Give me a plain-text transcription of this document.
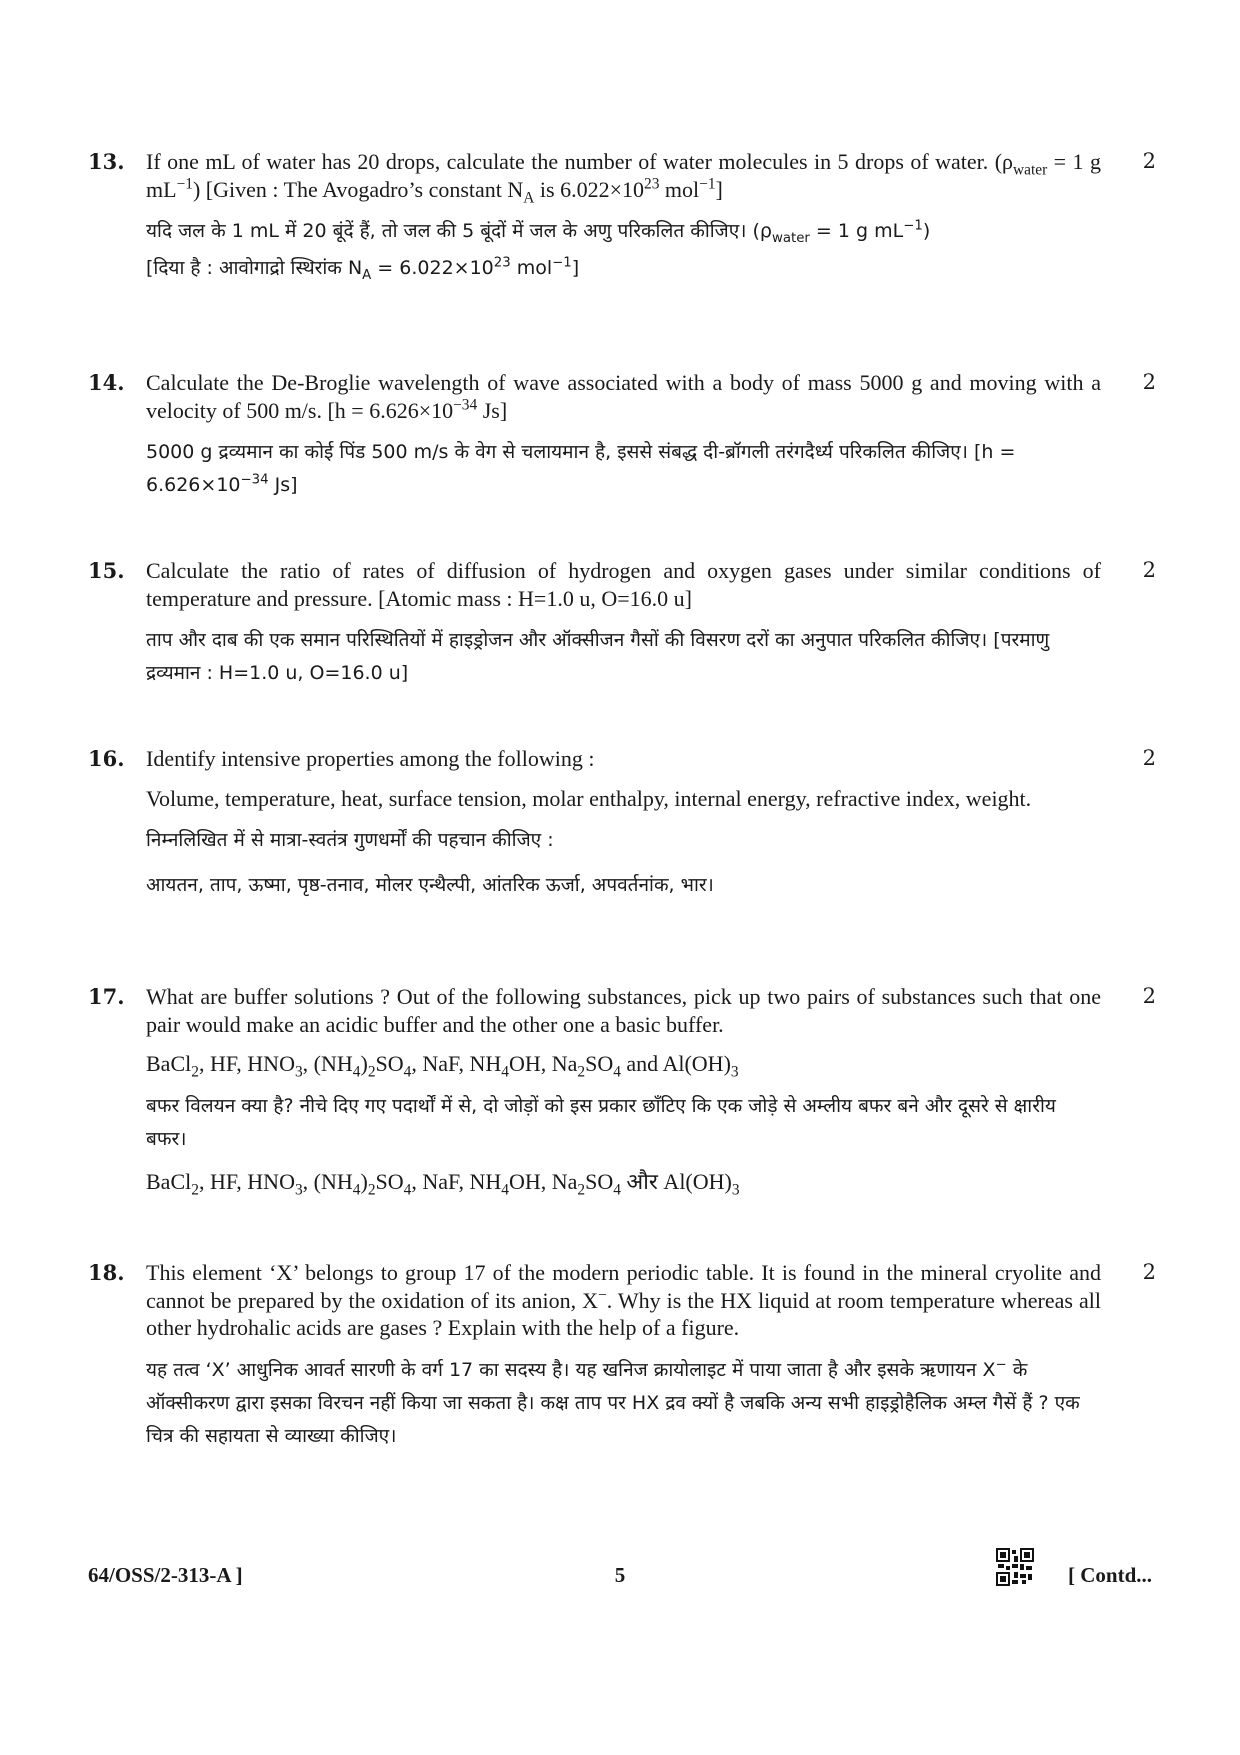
13. If one mL of water has 20 drops, calculate the number of water molecules in 5 drops of water. ($\rho_{water} = 1$ g $mL^{-1}$) [Given : The Avogadro’s constant $N_A$ is $6.022\times 10^{23}$ mol$^{-1}$]

यदि जल के 1 mL में 20 बूंदें हैं, तो जल की 5 बूंदों में जल के अणु परिकलित कीजिए। ($\rho_{water} = 1$ g $mL^{-1}$)

[दिया है : आवोगाद्रो स्थिरांक $N_A = 6.022\times 10^{23}$ mol$^{-1}$]

2
14. Calculate the De-Broglie wavelength of wave associated with a body of mass 5000 g and moving with a velocity of 500 m/s. [$h = 6.626\times 10^{-34}$ Js]

5000 g द्रव्यमान का कोई पिंड 500 m/s के वेग से चलायमान है, इससे संबद्ध दी-ब्रॉगली तरंगदैर्ध्य परिकलित कीजिए। [$h = 6.626\times 10^{-34}$ Js]

2
15. Calculate the ratio of rates of diffusion of hydrogen and oxygen gases under similar conditions of temperature and pressure. [Atomic mass : H=1.0 u, O=16.0 u]

ताप और दाब की एक समान परिस्थितियों में हाइड्रोजन और ऑक्सीजन गैसों की विसरण दरों का अनुपात परिकलित कीजिए। [परमाणु द्रव्यमान : H=1.0 u, O=16.0 u]

2
16. Identify intensive properties among the following :

Volume, temperature, heat, surface tension, molar enthalpy, internal energy, refractive index, weight.

निम्नलिखित में से मात्रा-स्वतंत्र गुणधर्मों की पहचान कीजिए :

आयतन, ताप, ऊष्मा, पृष्ठ-तनाव, मोलर एन्थैल्पी, आंतरिक ऊर्जा, अपवर्तनांक, भार।

2
17. What are buffer solutions ? Out of the following substances, pick up two pairs of substances such that one pair would make an acidic buffer and the other one a basic buffer.

BaCl$_2$, HF, $HNO_3$, $(NH_4)_2SO_4$, NaF, $NH_4OH$, $Na_2SO_4$ and $Al(OH)_3$

बफर विलयन क्या है? नीचे दिए गए पदार्थों में से, दो जोड़ों को इस प्रकार छाँटिए कि एक जोड़े से अम्लीय बफर बने और दूसरे से क्षारीय बफर।

BaCl$_2$, HF, $HNO_3$, $(NH_4)_2SO_4$, NaF, $NH_4OH$, $Na_2SO_4$ और $Al(OH)_3$

2
18. This element ‘X’ belongs to group 17 of the modern periodic table. It is found in the mineral cryolite and cannot be prepared by the oxidation of its anion, X−. Why is the HX liquid at room temperature whereas all other hydrohalic acids are gases ? Explain with the help of a figure.

यह तत्व ‘X’ आधुनिक आवर्त सारणी के वर्ग 17 का सदस्य है। यह खनिज क्रायोलाइट में पाया जाता है और इसके ऋणायन X− के ऑक्सीकरण द्वारा इसका विरचन नहीं किया जा सकता है। कक्ष ताप पर HX द्रव क्यों है जबकि अन्य सभी हाइड्रोहैलिक अम्ल गैसें हैं ? एक चित्र की सहायता से व्याख्या कीजिए।

2
64/OSS/2-313-A ]	5	[ Contd...
